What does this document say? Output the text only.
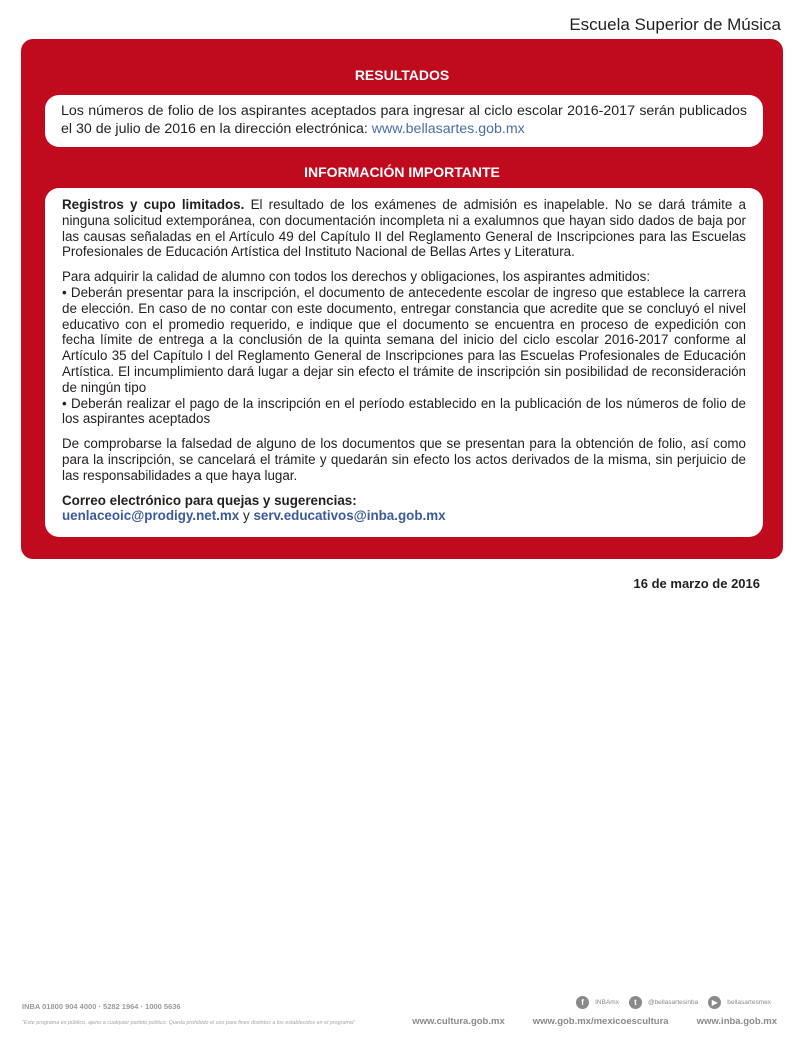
Escuela Superior de Música
RESULTADOS

Los números de folio de los aspirantes aceptados para ingresar al ciclo escolar 2016-2017 serán publicados el 30 de julio de 2016 en la dirección electrónica: www.bellasartes.gob.mx

INFORMACIÓN IMPORTANTE

Registros y cupo limitados. El resultado de los exámenes de admisión es inapelable. No se dará trámite a ninguna solicitud extemporánea, con documentación incompleta ni a exalumnos que hayan sido dados de baja por las causas señaladas en el Artículo 49 del Capítulo II del Reglamento General de Inscripciones para las Escuelas Profesionales de Educación Artística del Instituto Nacional de Bellas Artes y Literatura.

Para adquirir la calidad de alumno con todos los derechos y obligaciones, los aspirantes admitidos:

• Deberán presentar para la inscripción, el documento de antecedente escolar de ingreso que establece la carrera de elección. En caso de no contar con este documento, entregar constancia que acredite que se concluyó el nivel educativo con el promedio requerido, e indique que el documento se encuentra en proceso de expedición con fecha límite de entrega a la conclusión de la quinta semana del inicio del ciclo escolar 2016-2017 conforme al Artículo 35 del Capítulo I del Reglamento General de Inscripciones para las Escuelas Profesionales de Educación Artística. El incumplimiento dará lugar a dejar sin efecto el trámite de inscripción sin posibilidad de reconsideración de ningún tipo

• Deberán realizar el pago de la inscripción en el período establecido en la publicación de los números de folio de los aspirantes aceptados

De comprobarse la falsedad de alguno de los documentos que se presentan para la obtención de folio, así como para la inscripción, se cancelará el trámite y quedarán sin efecto los actos derivados de la misma, sin perjuicio de las responsabilidades a que haya lugar.

Correo electrónico para quejas y sugerencias:

uenlaceoic@prodigy.net.mx y serv.educativos@inba.gob.mx

16 de marzo de 2016
INBA 01800 904 4000 · 5282 1964 · 1000 5636
"Este programa es público, ajeno a cualquier partido político. Queda prohibido el uso para fines distintos a los establecidos en el programa"
f	INBAmx	t	@bellasartesinba	▶	bellasartesmex
www.cultura.gob.mx	www.gob.mx/mexicoescultura	www.inba.gob.mx
